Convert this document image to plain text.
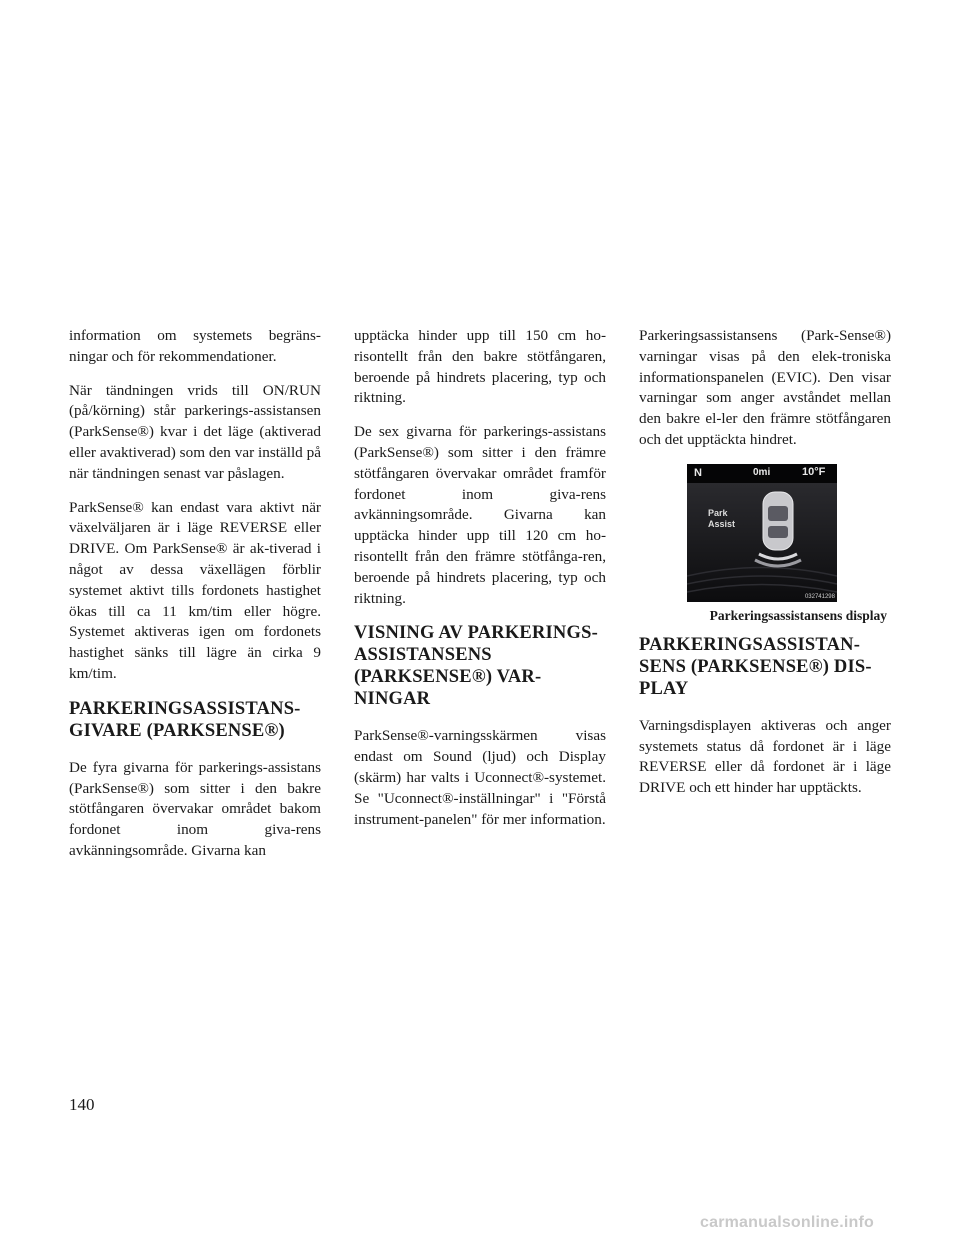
information om systemets begräns-ningar och för rekommendationer.

När tändningen vrids till ON/RUN (på/körning) står parkerings-assistansen (ParkSense®) kvar i det läge (aktiverad eller avaktiverad) som den var inställd på när tändningen senast var påslagen.

ParkSense® kan endast vara aktivt när växelväljaren är i läge REVERSE eller DRIVE. Om ParkSense® är ak-tiverad i något av dessa växellägen förblir systemet aktivt tills fordonets hastighet ökas till ca 11 km/tim eller högre. Systemet aktiveras igen om fordonets hastighet sänks till lägre än cirka 9 km/tim.

PARKERINGSASSISTANS-GIVARE (PARKSENSE®)

De fyra givarna för parkerings-assistans (ParkSense®) som sitter i den bakre stötfångaren övervakar området bakom fordonet inom giva-rens avkänningsområde. Givarna kan

upptäcka hinder upp till 150 cm ho-risontellt från den bakre stötfångaren, beroende på hindrets placering, typ och riktning.

De sex givarna för parkerings-assistans (ParkSense®) som sitter i den främre stötfångaren övervakar området framför fordonet inom giva-rens avkänningsområde. Givarna kan upptäcka hinder upp till 120 cm ho-risontellt från den främre stötfånga-ren, beroende på hindrets placering, typ och riktning.

VISNING AV PARKERINGS-ASSISTANSENS (PARKSENSE®) VAR-NINGAR

ParkSense®-varningsskärmen visas endast om Sound (ljud) och Display (skärm) har valts i Uconnect®-systemet. Se "Uconnect®-inställningar" i "Förstå instrument-panelen" för mer information.

Parkeringsassistansens (Park-Sense®) varningar visas på den elek-troniska informationspanelen (EVIC). Den visar varningar som anger avståndet mellan den bakre el-ler den främre stötfångaren och det upptäckta hindret.

N	0mi	10°F
Park
Assist
032741298
Parkeringsassistansens display
PARKERINGSASSISTAN-SENS (PARKSENSE®) DIS-PLAY

Varningsdisplayen aktiveras och anger systemets status då fordonet är i läge REVERSE eller då fordonet är i läge DRIVE och ett hinder har upptäckts.

140

carmanualsonline.info
